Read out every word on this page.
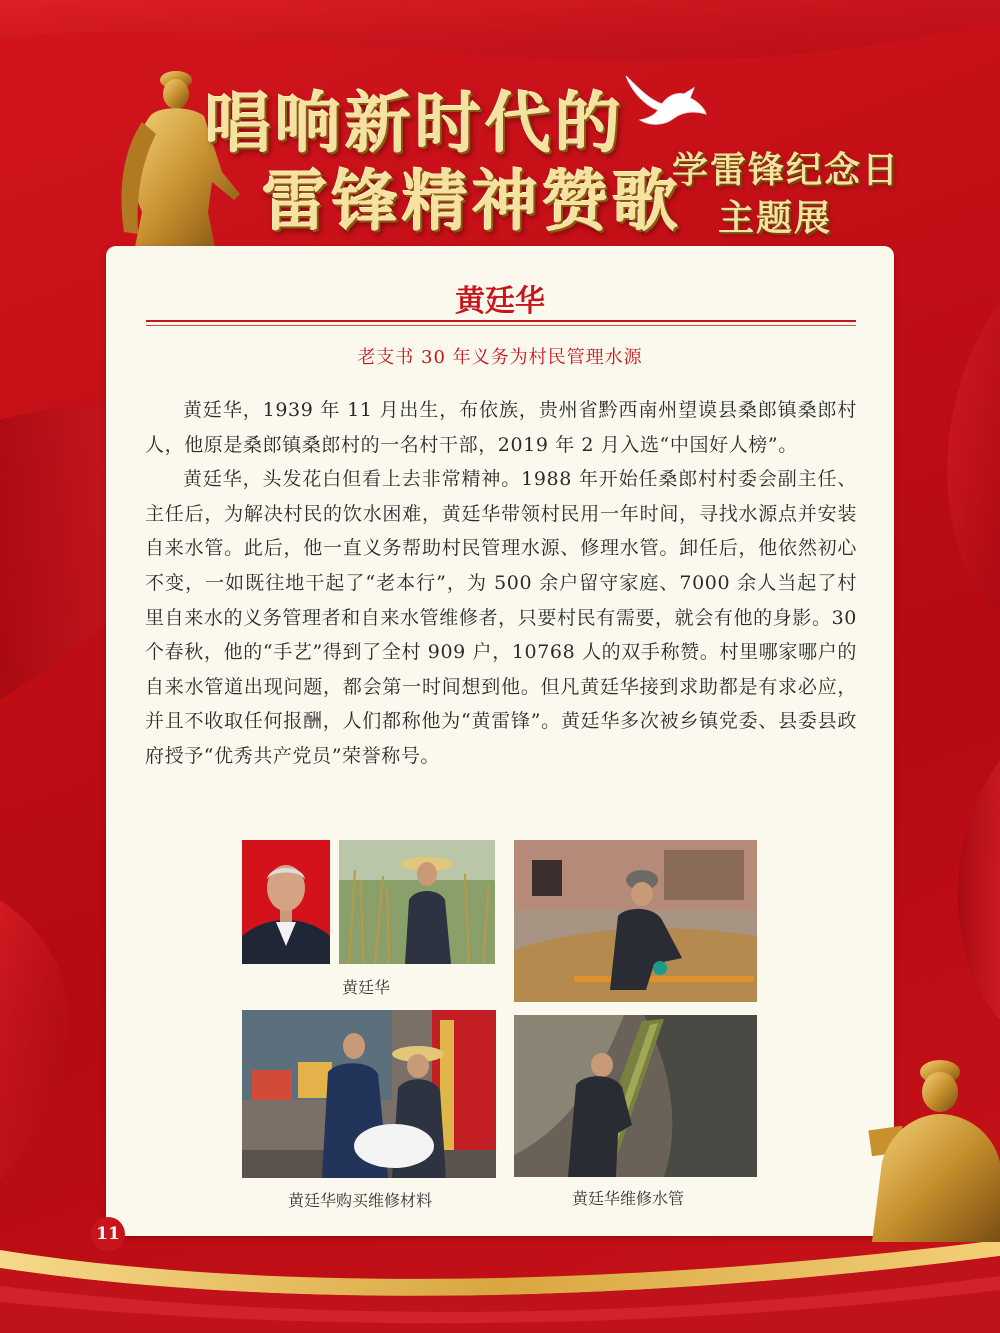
唱响新时代的
雷锋精神赞歌
学雷锋纪念日
主题展
黄廷华
老支书 30 年义务为村民管理水源

黄廷华，1939 年 11 月出生，布依族，贵州省黔西南州望谟县桑郎镇桑郎村人，他原是桑郎镇桑郎村的一名村干部，2019 年 2 月入选“中国好人榜”。

黄廷华，头发花白但看上去非常精神。1988 年开始任桑郎村村委会副主任、主任后，为解决村民的饮水困难，黄廷华带领村民用一年时间，寻找水源点并安装自来水管。此后，他一直义务帮助村民管理水源、修理水管。卸任后，他依然初心不变，一如既往地干起了“老本行”，为 500 余户留守家庭、7000 余人当起了村里自来水的义务管理者和自来水管维修者，只要村民有需要，就会有他的身影。30 个春秋，他的“手艺”得到了全村 909 户，10768 人的双手称赞。村里哪家哪户的自来水管道出现问题，都会第一时间想到他。但凡黄廷华接到求助都是有求必应，并且不收取任何报酬，人们都称他为“黄雷锋”。黄廷华多次被乡镇党委、县委县政府授予“优秀共产党员”荣誉称号。

黄廷华
黄廷华购买维修材料	黄廷华维修水管
11
